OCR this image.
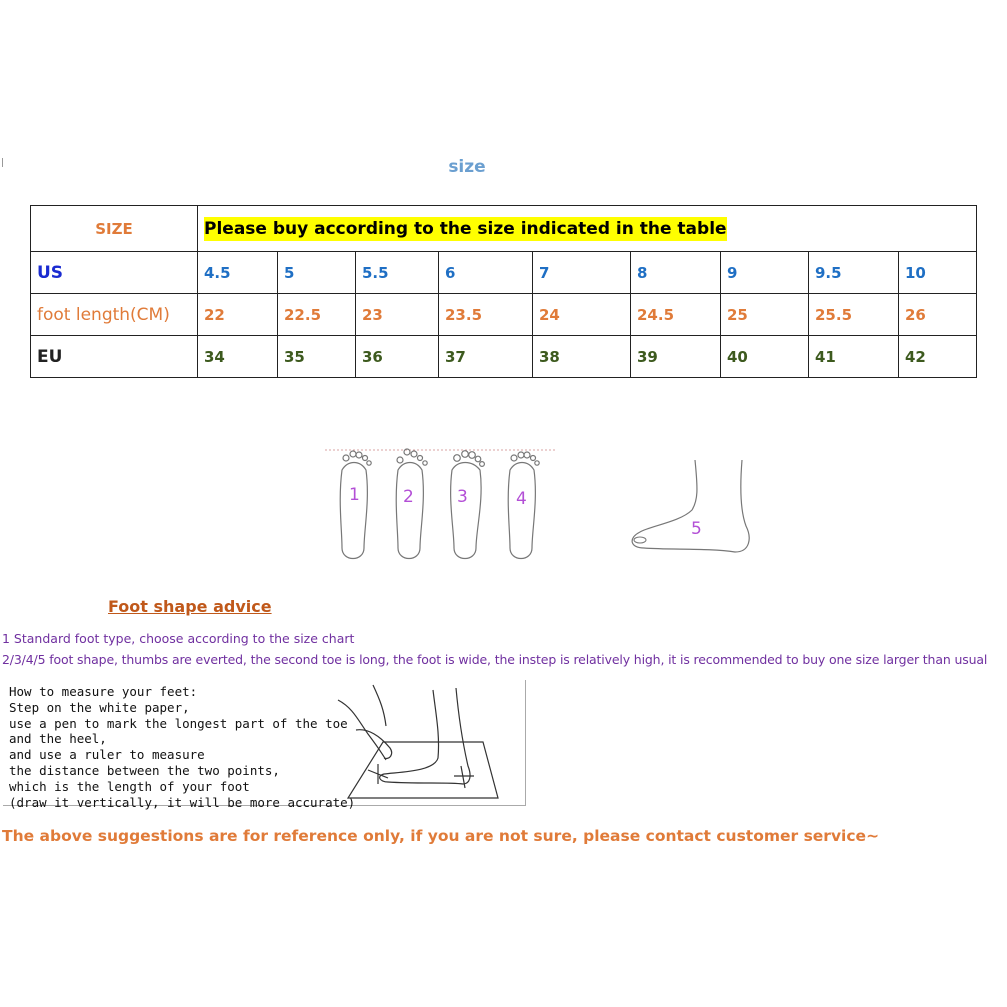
size
SIZE	Please buy according to the size indicated in the table								
US	4.5	5	5.5	6	7	8	9	9.5	10
foot length(CM)	22	22.5	23	23.5	24	24.5	25	25.5	26
EU	34	35	36	37	38	39	40	41	42
1	2	3	4
5
Foot shape advice
1 Standard foot type, choose according to the size chart
2/3/4/5 foot shape, thumbs are everted, the second toe is long, the foot is wide, the instep is relatively high, it is recommended to buy one size larger than usual
How to measure your feet:
Step on the white paper,
use a pen to mark the longest part of the toe
and the heel,
and use a ruler to measure
the distance between the two points,
which is the length of your foot
(draw it vertically, it will be more accurate)
The above suggestions are for reference only, if you are not sure, please contact customer service~
